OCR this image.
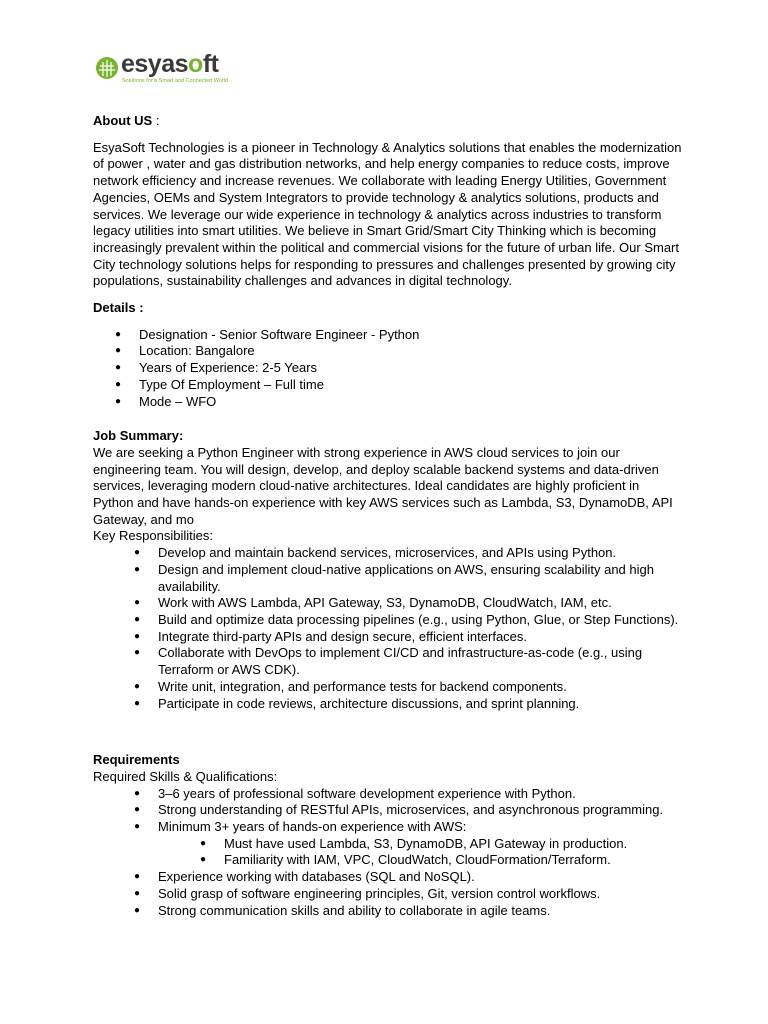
esyasoft
Solutions for a Smart and Connected World
About US :

EsyaSoft Technologies is a pioneer in Technology & Analytics solutions that enables the modernization of power , water and gas distribution networks, and help energy companies to reduce costs, improve network efficiency and increase revenues. We collaborate with leading Energy Utilities, Government Agencies, OEMs and System Integrators to provide technology & analytics solutions, products and services. We leverage our wide experience in technology & analytics across industries to transform legacy utilities into smart utilities. We believe in Smart Grid/Smart City Thinking which is becoming increasingly prevalent within the political and commercial visions for the future of urban life. Our Smart City technology solutions helps for responding to pressures and challenges presented by growing city populations, sustainability challenges and advances in digital technology.

Details :
● Designation - Senior Software Engineer - Python
● Location: Bangalore
● Years of Experience: 2-5 Years
● Type Of Employment – Full time
● Mode – WFO
Job Summary:

We are seeking a Python Engineer with strong experience in AWS cloud services to join our engineering team. You will design, develop, and deploy scalable backend systems and data-driven services, leveraging modern cloud-native architectures. Ideal candidates are highly proficient in Python and have hands-on experience with key AWS services such as Lambda, S3, DynamoDB, API Gateway, and mo

Key Responsibilities:

● Develop and maintain backend services, microservices, and APIs using Python.
● Design and implement cloud-native applications on AWS, ensuring scalability and high availability.
● Work with AWS Lambda, API Gateway, S3, DynamoDB, CloudWatch, IAM, etc.
● Build and optimize data processing pipelines (e.g., using Python, Glue, or Step Functions).
● Integrate third-party APIs and design secure, efficient interfaces.
● Collaborate with DevOps to implement CI/CD and infrastructure-as-code (e.g., using Terraform or AWS CDK).
● Write unit, integration, and performance tests for backend components.
● Participate in code reviews, architecture discussions, and sprint planning.
Requirements

Required Skills & Qualifications:

● 3–6 years of professional software development experience with Python.
● Strong understanding of RESTful APIs, microservices, and asynchronous programming.
● Minimum 3+ years of hands-on experience with AWS:
● Must have used Lambda, S3, DynamoDB, API Gateway in production.
● Familiarity with IAM, VPC, CloudWatch, CloudFormation/Terraform.
● Experience working with databases (SQL and NoSQL).
● Solid grasp of software engineering principles, Git, version control workflows.
● Strong communication skills and ability to collaborate in agile teams.
